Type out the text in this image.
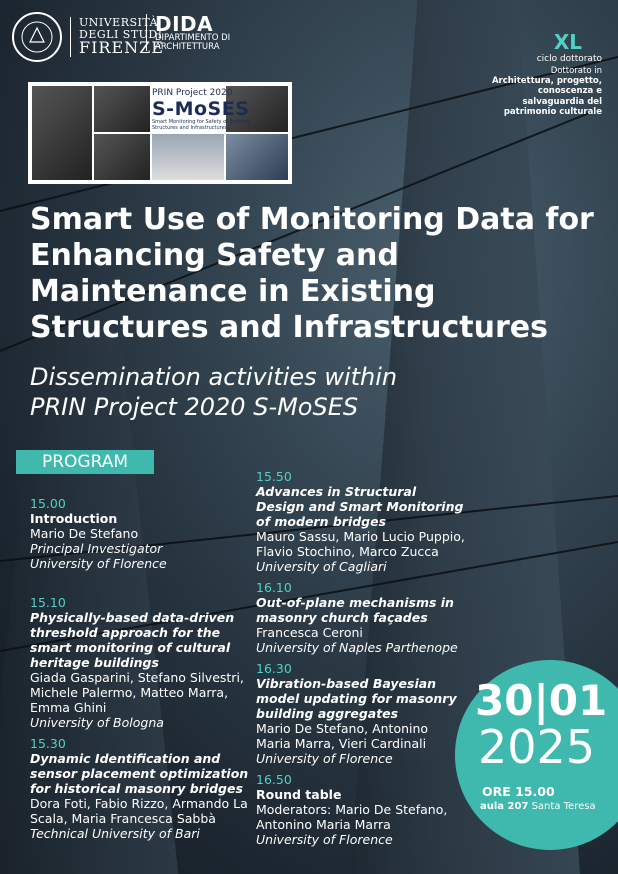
UNIVERSITÀ
DEGLI STUDI
FIRENZE
DIDA
DIPARTIMENTO DI
ARCHITETTURA	XL
ciclo dottorato
Dottorato in
Architettura, progetto, conoscenza e salvaguardia del patrimonio culturale
PRIN Project 2020
S-MoSES
Smart Monitoring for Safety of Existing Structures and Infrastructures
Smart Use of Monitoring Data for Enhancing Safety and Maintenance in Existing Structures and Infrastructures
Dissemination activities within
PRIN Project 2020 S-MoSES
PROGRAM
15.00
Introduction
Mario De Stefano
Principal Investigator
University of Florence
15.10
Physically-based data-driven threshold approach for the smart monitoring of cultural heritage buildings
Giada Gasparini, Stefano Silvestri, Michele Palermo, Matteo Marra, Emma Ghini
University of Bologna
15.30
Dynamic Identification and sensor placement optimization for historical masonry bridges
Dora Foti, Fabio Rizzo, Armando La Scala, Maria Francesca Sabbà
Technical University of Bari
15.50
Advances in Structural Design and Smart Monitoring of modern bridges
Mauro Sassu, Mario Lucio Puppio, Flavio Stochino, Marco Zucca
University of Cagliari
16.10
Out-of-plane mechanisms in masonry church façades
Francesca Ceroni
University of Naples Parthenope
16.30
Vibration-based Bayesian model updating for masonry building aggregates
Mario De Stefano, Antonino Maria Marra, Vieri Cardinali
University of Florence
16.50
Round table
Moderators: Mario De Stefano, Antonino Maria Marra
University of Florence
30|01
2025
ORE 15.00
aula 207 Santa Teresa
